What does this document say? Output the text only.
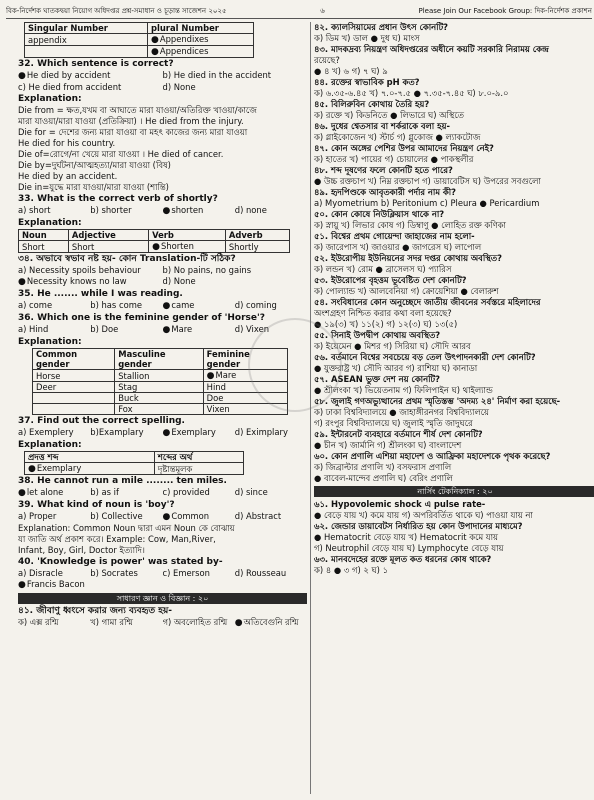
বিক-নির্দেশক ঘাতকদ্বয়া নিয়োগ অধিদপ্তর প্রশ্ন-সমাধান ও চূড়ান্ত সাজেশন ২০২৫	৬	Please Join Our Facebook Group: দিক-নির্দেশক প্রকাশন
Singular Number	plural Number
appendix	● Appendixes
	● Appendices
32. Which sentence is correct?
● He died by accident	b) He died in the accident
c) He died from accident	d) None
Explanation:
Die from = ক্ষত,যখম বা আঘাতে মারা যাওয়া/অতিরিক্ত খাওয়া/কাজে
মারা যাওয়া/মারা যাওয়া (প্রতিক্রিয়া) । He died from the injury.
Die for = দেশের জন্য মারা যাওয়া বা মহৎ কাজের জন্য মারা যাওয়া
He died for his country.
Die of=রোগে/না খেয়ে মারা যাওয়া । He died of cancer.
Die by=দুর্ঘটনা/আত্মহত্যা/মারা যাওয়া (বিষ)
He died by an accident.
Die in=যুদ্ধে মারা যাওয়া/মারা যাওয়া (শান্তি)
33. What is the correct verb of shortly?
a) short	b) shorter	● shorten	d) none
Explanation:
Noun	Adjective	Verb	Adverb
Short	Short	● Shorten	Shortly
৩৪. অভাবে স্বভাব নষ্ট হয়- কোন Translation-টি সঠিক?
a) Necessity spoils behaviour	b) No pains, no gains
● Necessity knows no law	d) None
35. He ....... while I was reading.
a) come	b) has come	● came	d) coming
36. Which one is the feminine gender of 'Horse'?
a) Hind	b) Doe	● Mare	d) Vixen
Explanation:
Common gender	Masculine gender	Feminine gender
Horse	Stallion	● Mare
Deer	Stag	Hind
	Buck	Doe
	Fox	Vixen
37. Find out the correct spelling.
a) Exemplery	b)Examplary	● Exemplary	d) Eximplary
Explanation:
প্রদত্ত শব্দ	শব্দের অর্থ
● Exemplary	দৃষ্টান্তমূলক
38. He cannot run a mile ........ ten miles.
● let alone	b) as if	c) provided	d) since
39. What kind of noun is 'boy'?
a) Proper	b) Collective	● Common	d) Abstract
Explanation: Common Noun দ্বারা এমন Noun কে বোঝায়
যা জাতি অর্থ প্রকাশ করে। Example: Cow, Man,River,
Infant, Boy, Girl, Doctor ইত্যাদি।
40. 'Knowledge is power' was stated by-
a) Disracle	b) Socrates	c) Emerson	d) Rousseau
● Francis Bacon
সাধারণ জ্ঞান ও বিজ্ঞান : ২০
৪১. জীবাণু ধ্বংসে করার জন্য ব্যবহৃত হয়-
ক) এক্স রশ্মি	খ) গামা রশ্মি	গ) অবলোহিত রশ্মি	● অতিবেগুনি রশ্মি
৪২. ক্যালসিয়ামের প্রধান উৎস কোনটি?
ক) ডিম খ) ডাল ● দুধ ঘ) মাংস
৪৩. মাদকদ্রব্য নিয়ন্ত্রণ অধিদপ্তরের অধীনে কয়টি সরকারি নিরাময় কেন্দ্র
রয়েছে?
● ৪ খ) ৬ গ) ৭ ঘ) ৯
৪৪. রক্তের স্বাভাবিক pH কত?
ক) ৬.৩৫-৬.৪৫ খ) ৭.০-৭.৫ ● ৭.৩৫-৭.৪৫ ঘ) ৮.০-৯.০
৪৫. বিলিরুবিন কোথায় তৈরি হয়?
ক) রক্তে খ) কিডনিতে ● লিভারে ঘ) অস্থিতে
৪৬. দুধের শ্বেতসার বা শর্করাকে বলা হয়-
ক) গ্লাইকোজেন খ) স্টার্চ গ) গ্লুকোজ ● ল্যাকটোজ
৪৭. কোন অঙ্গের পেশির উপর আমাদের নিয়ন্ত্রণ নেই?
ক) হাতের খ) পায়ের গ) চোয়ালের ● পাকস্থলীর
৪৮. শব্দ দূষণের ফলে কোনটি হতে পারে?
● উচ্চ রক্তচাপ খ) নিম্ন রক্তচাপ গ) ডায়াবেটিস ঘ) উপরের সবগুলো
৪৯. হৃদপিণ্ডকে আবৃতকারী পর্দার নাম কী?
a) Myometrium b) Peritonium c) Pleura ● Pericardium
৫০. কোন কোষে নিউক্লিয়াস থাকে না?
ক) স্নায়ু খ) লিভার কোষ গ) ডিম্বাণু ● লোহিত রক্ত কণিকা
৫১. বিশ্বের প্রথম গোয়েন্দা জাহাজের নাম হলো-
ক) জারেপাস খ) জাওয়ার ● জাগরেস ঘ) লাপোল
৫২. ইউরোপীয় ইউনিয়নের সদর দপ্তর কোথায় অবস্থিত?
ক) লন্ডন খ) রোম ● ব্রাসেলস ঘ) প্যারিস
৫৩. ইউরোপের বৃহত্তম ভূবেষ্টিত দেশ কোনটি?
ক) পোল্যান্ড খ) আলবেনিয়া গ) ক্রোয়েশিয়া ● বেলারুশ
৫৪. সংবিধানের কোন অনুচ্ছেদে জাতীয় জীবনের সর্বস্তরে মহিলাদের
অংশগ্রহণ নিশ্চিত করার কথা বলা হয়েছে?
● ১৯(৩) খ) ১১(২) গ) ১২(৩) ঘ) ১৩(৫)
৫৫. সিনাই উপদ্বীপ কোথায় অবস্থিত?
ক) ইয়েমেন ● মিশর গ) সিরিয়া ঘ) সৌদি আরব
৫৬. বর্তমানে বিশ্বের সবচেয়ে বড় তেল উৎপাদনকারী দেশ কোনটি?
● যুক্তরাষ্ট্র খ) সৌদি আরব গ) রাশিয়া ঘ) কানাডা
৫৭. ASEAN ভুক্ত দেশ নয় কোনটি?
● শ্রীলংকা খ) ভিয়েতনাম গ) ফিলিপাইন ঘ) থাইল্যান্ড
৫৮. জুলাই গণঅভ্যুত্থানের প্রথম স্মৃতিস্তম্ভ 'অদম্য ২৪' নির্মাণ করা হয়েছে-
ক) ঢাকা বিশ্ববিদ্যালয়ে ● জাহাঙ্গীরনগর বিশ্ববিদ্যালয়ে
গ) রংপুর বিশ্ববিদ্যালয়ে ঘ) জুলাই স্মৃতি জাদুঘরে
৫৯. ইন্টারনেট ব্যবহারে বর্তমানে শীর্ষ দেশ কোনটি?
● চীন খ) জার্মানি গ) শ্রীলংকা ঘ) বাংলাদেশ
৬০. কোন প্রণালি এশিয়া মহাদেশ ও আফ্রিকা মহাদেশকে পৃথক করেছে?
ক) জিব্রাল্টার প্রণালি খ) বসফরাস প্রণালি
● বাবেল-মান্দেব প্রণালি ঘ) বেরিং প্রণালি
নার্সিং টেকনিক্যাল : ২০
৬১. Hypovolemic shock এ pulse rate-
● বেড়ে যায় খ) কমে যায় গ) অপরিবর্তিত থাকে ঘ) পাওয়া যায় না
৬২. জেন্ডার ডায়াবেটস নির্ধারিত হয় কোন উপাদানের মাধ্যমে?
● Hematocrit বেড়ে যায় খ) Hematocrit কমে যায়
গ) Neutrophil বেড়ে যায় ঘ) Lymphocyte বেড়ে যায়
৬৩. মানবদেহের রক্তে মূলত কত ধরনের কোষ থাকে?
ক) ৪ ● ৩ গ) ২ ঘ) ১
